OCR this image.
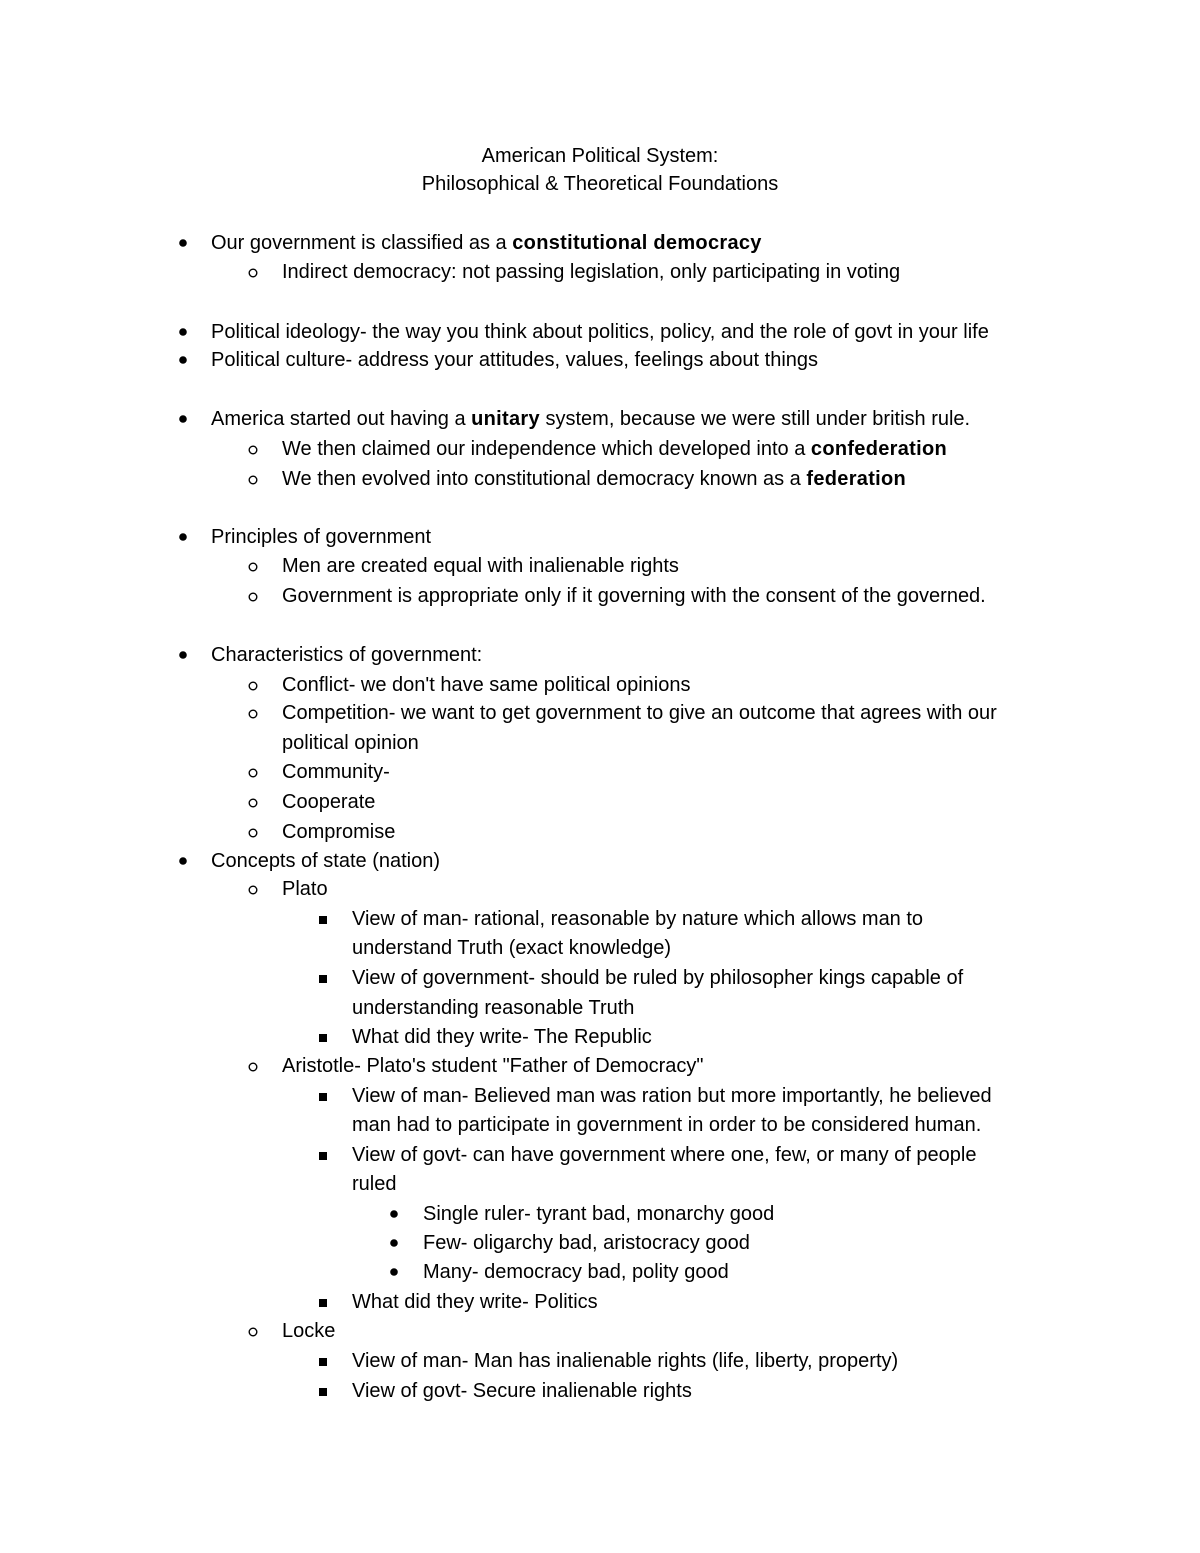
American Political System:
Philosophical & Theoretical Foundations
Our government is classified as a constitutional democracy
Indirect democracy: not passing legislation, only participating in voting
Political ideology- the way you think about politics, policy, and the role of govt in your life
Political culture- address your attitudes, values, feelings about things
America started out having a unitary system, because we were still under british rule.
We then claimed our independence which developed into a confederation
We then evolved into constitutional democracy known as a federation
Principles of government
Men are created equal with inalienable rights
Government is appropriate only if it governing with the consent of the governed.
Characteristics of government:
Conflict- we don't have same political opinions
Competition- we want to get government to give an outcome that agrees with our
political opinion
Community-
Cooperate
Compromise
Concepts of state (nation)
Plato
View of man- rational, reasonable by nature which allows man to
understand Truth (exact knowledge)
View of government- should be ruled by philosopher kings capable of
understanding reasonable Truth
What did they write- The Republic
Aristotle- Plato's student "Father of Democracy"
View of man- Believed man was ration but more importantly, he believed
man had to participate in government in order to be considered human.
View of govt- can have government where one, few, or many of people
ruled
Single ruler- tyrant bad, monarchy good
Few- oligarchy bad, aristocracy good
Many- democracy bad, polity good
What did they write- Politics
Locke
View of man- Man has inalienable rights (life, liberty, property)
View of govt- Secure inalienable rights
